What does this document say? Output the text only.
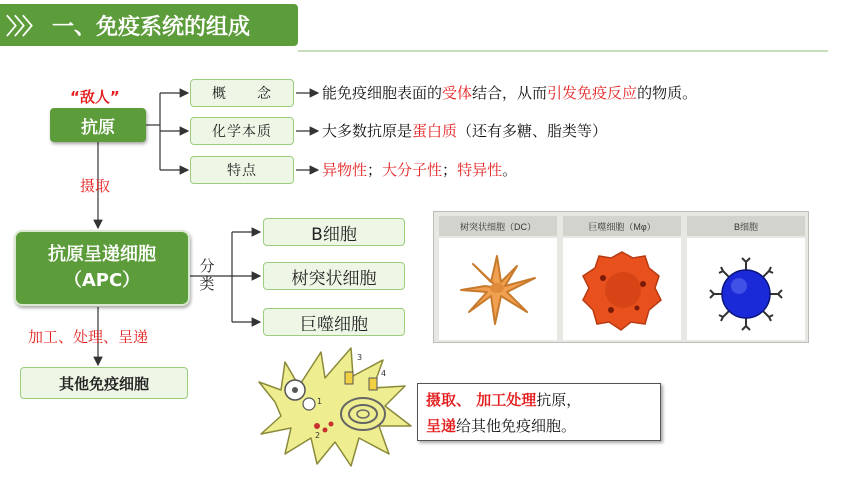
〉〉〉 一、免疫系统的组成
“敌人”
抗原
概　　念
化学本质
特点
能免疫细胞表面的受体结合，从而引发免疫反应的物质。
大多数抗原是蛋白质（还有多糖、脂类等）
异物性；大分子性；特异性。
摄取
抗原呈递细胞
（APC）
分类
B细胞
树突状细胞
巨噬细胞
加工、处理、呈递
其他免疫细胞
树突状细胞（DC）	巨噬细胞（Mφ）	B细胞
1
2
3
4
摄取、 加工处理抗原，
呈递给其他免疫细胞。
